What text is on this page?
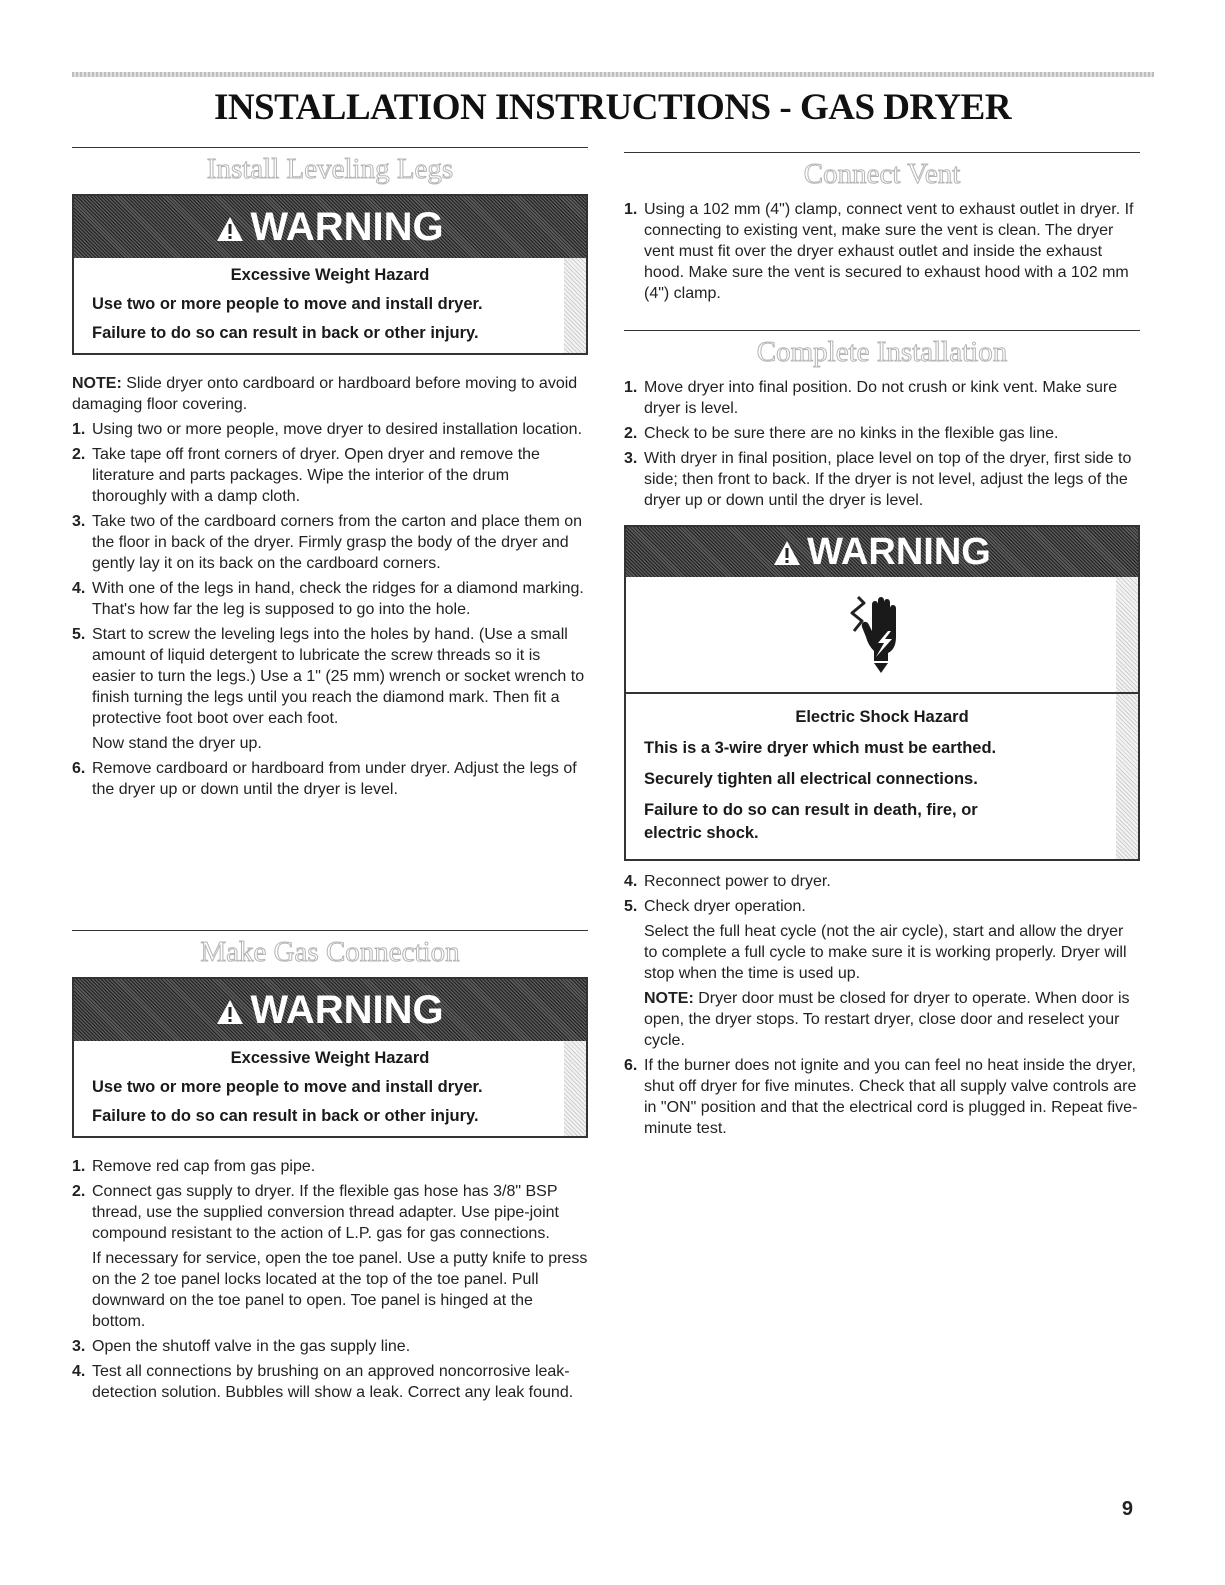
INSTALLATION INSTRUCTIONS - GAS DRYER
Install Leveling Legs
WARNING

Excessive Weight Hazard

Use two or more people to move and install dryer.

Failure to do so can result in back or other injury.

NOTE: Slide dryer onto cardboard or hardboard before moving to avoid damaging floor covering.

1. Using two or more people, move dryer to desired installation location.
2. Take tape off front corners of dryer. Open dryer and remove the literature and parts packages. Wipe the interior of the drum thoroughly with a damp cloth.
3. Take two of the cardboard corners from the carton and place them on the floor in back of the dryer. Firmly grasp the body of the dryer and gently lay it on its back on the cardboard corners.
4. With one of the legs in hand, check the ridges for a diamond marking. That's how far the leg is supposed to go into the hole.
5. Start to screw the leveling legs into the holes by hand. (Use a small amount of liquid detergent to lubricate the screw threads so it is easier to turn the legs.) Use a 1" (25 mm) wrench or socket wrench to finish turning the legs until you reach the diamond mark. Then fit a protective foot boot over each foot.

Now stand the dryer up.

6. Remove cardboard or hardboard from under dryer. Adjust the legs of the dryer up or down until the dryer is level.
Make Gas Connection
WARNING

Excessive Weight Hazard

Use two or more people to move and install dryer.

Failure to do so can result in back or other injury.

1. Remove red cap from gas pipe.
2. Connect gas supply to dryer. If the flexible gas hose has 3/8" BSP thread, use the supplied conversion thread adapter. Use pipe-joint compound resistant to the action of L.P. gas for gas connections.

If necessary for service, open the toe panel. Use a putty knife to press on the 2 toe panel locks located at the top of the toe panel. Pull downward on the toe panel to open. Toe panel is hinged at the bottom.

3. Open the shutoff valve in the gas supply line.
4. Test all connections by brushing on an approved noncorrosive leak-detection solution. Bubbles will show a leak. Correct any leak found.
Connect Vent
1. Using a 102 mm (4") clamp, connect vent to exhaust outlet in dryer. If connecting to existing vent, make sure the vent is clean. The dryer vent must fit over the dryer exhaust outlet and inside the exhaust hood. Make sure the vent is secured to exhaust hood with a 102 mm (4") clamp.
Complete Installation
1. Move dryer into final position. Do not crush or kink vent. Make sure dryer is level.
2. Check to be sure there are no kinks in the flexible gas line.
3. With dryer in final position, place level on top of the dryer, first side to side; then front to back. If the dryer is not level, adjust the legs of the dryer up or down until the dryer is level.
WARNING

Electric Shock Hazard

This is a 3-wire dryer which must be earthed.

Securely tighten all electrical connections.

Failure to do so can result in death, fire, or electric shock.

4. Reconnect power to dryer.
5. Check dryer operation.

Select the full heat cycle (not the air cycle), start and allow the dryer to complete a full cycle to make sure it is working properly. Dryer will stop when the time is used up.

NOTE: Dryer door must be closed for dryer to operate. When door is open, the dryer stops. To restart dryer, close door and reselect your cycle.

6. If the burner does not ignite and you can feel no heat inside the dryer, shut off dryer for five minutes. Check that all supply valve controls are in "ON" position and that the electrical cord is plugged in. Repeat five-minute test.
9
